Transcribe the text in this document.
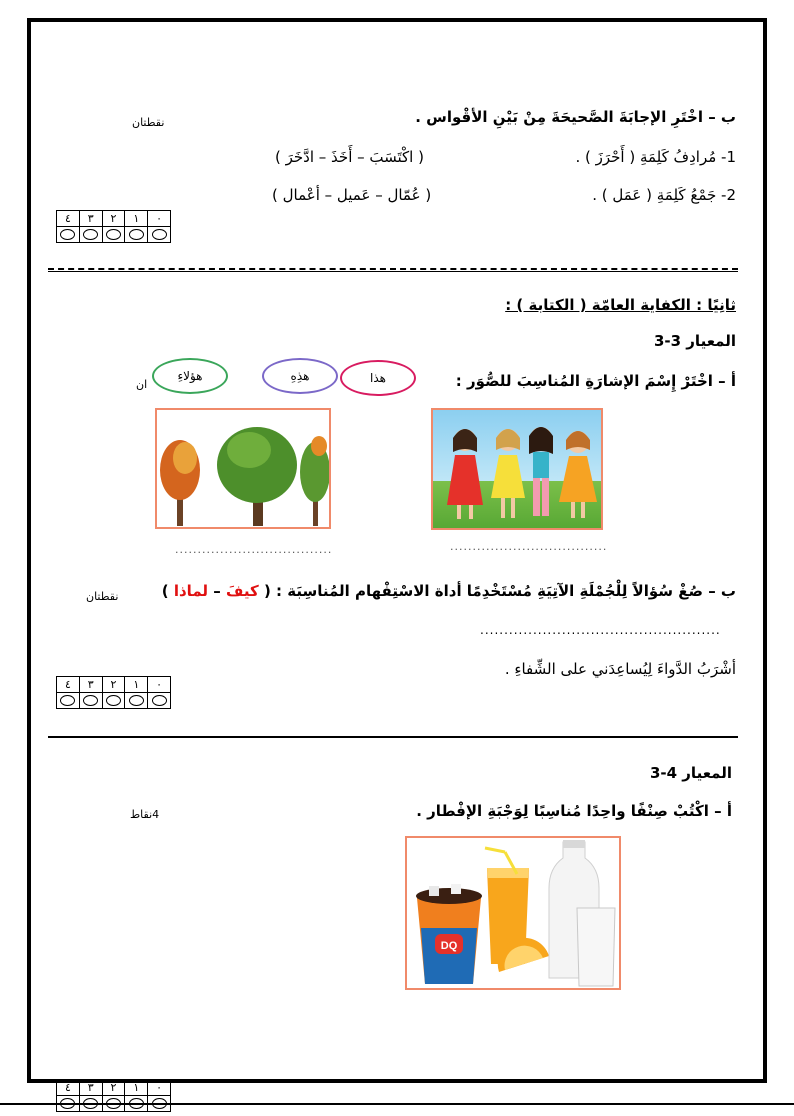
ب – اخْتَرِ الإجابَةَ الصَّحيحَةَ مِنْ بَيْنِ الأقْواس .
نقطتان
1- مُرادِفُ كَلِمَةِ ( أَحْرَزَ ) .
( اكْتَسَبَ – أَخَذَ – ادَّخَرَ )
2- جَمْعُ كَلِمَةِ ( عَمَل ) .
( عُمّال – عَميل – أعْمال )
٠	١	٢	٣	٤

ثانِيًا : الكفاية العامّة ( الكتابة ) :
المعيار 3-3
أ – اخْتَرْ إِسْمَ الإشارَةِ المُناسِبَ للصُّوَر :
هذا
هذِهِ
هؤلاءِ
ان
...................................
...................................
ب – صُغْ سُؤالاً لِلْجُمْلَةِ الآتِيَةِ مُسْتَخْدِمًا أداة الاسْتِفْهام المُناسِبَة : ( كيفَ – لماذا )
نقطتان
..................................................
أشْرَبُ الدَّواءَ لِيُساعِدَني على الشِّفاءِ .
٠	١	٢	٣	٤

المعيار 4-3
أ – اكْتُبْ صِنْفًا واحِدًا مُناسِبًا لِوَجْبَةِ الإفْطار .
4نقاط
DQ
٠	١	٢	٣	٤
